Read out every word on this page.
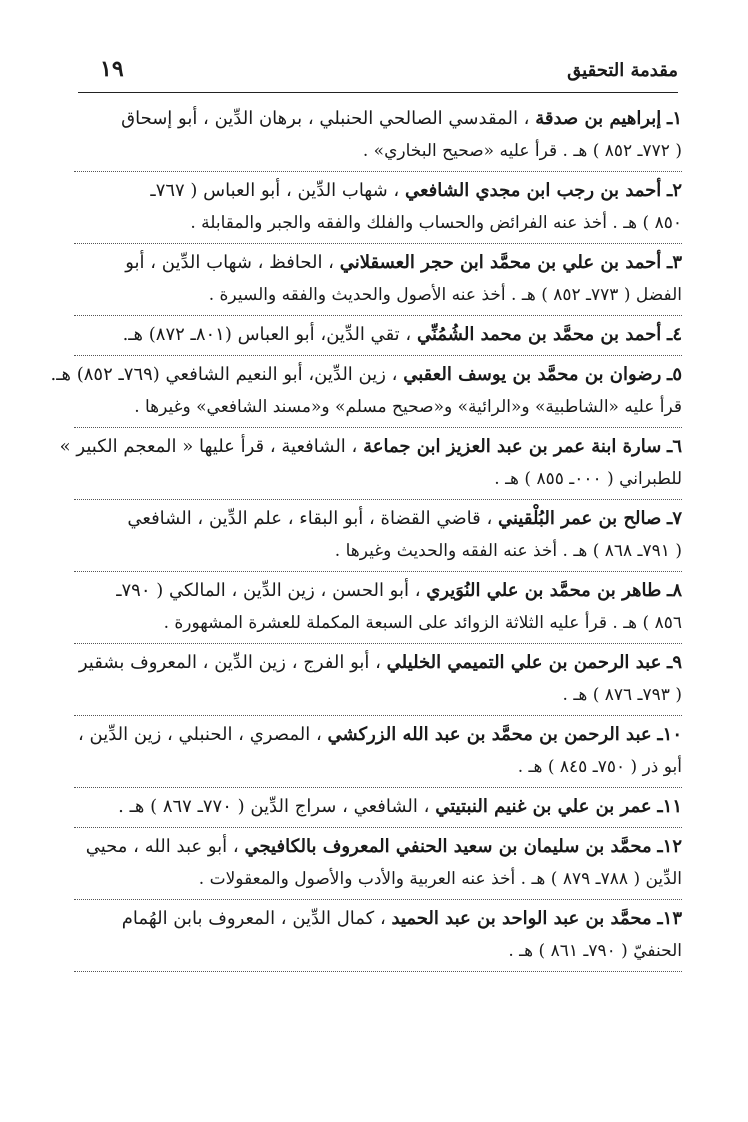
مقدمة التحقيق
١٩
١ـ إبراهيم بن صدقة ، المقدسي الصالحي الحنبلي ، برهان الدِّين ، أبو إسحاق
( ٧٧٢ـ ٨٥٢ ) هـ . قرأ عليه «صحيح البخاري» .
٢ـ أحمد بن رجب ابن مجدي الشافعي ، شهاب الدِّين ، أبو العباس ( ٧٦٧ـ
٨٥٠ ) هـ . أخذ عنه الفرائض والحساب والفلك والفقه والجبر والمقابلة .
٣ـ أحمد بن علي بن محمَّد ابن حجر العسقلاني ، الحافظ ، شهاب الدِّين ، أبو
الفضل ( ٧٧٣ـ ٨٥٢ ) هـ . أخذ عنه الأصول والحديث والفقه والسيرة .
٤ـ أحمد بن محمَّد بن محمد الشُمُنِّي ، تقي الدِّين، أبو العباس (٨٠١ـ ٨٧٢) هـ.
٥ـ رضوان بن محمَّد بن يوسف العقبي ، زين الدِّين، أبو النعيم الشافعي (٧٦٩ـ ٨٥٢) هـ.
قرأ عليه «الشاطبية» و«الرائية» و«صحيح مسلم» و«مسند الشافعي» وغيرها .
٦ـ سارة ابنة عمر بن عبد العزيز ابن جماعة ، الشافعية ، قرأ عليها « المعجم الكبير »
للطبراني ( ٠٠٠ـ ٨٥٥ ) هـ .
٧ـ صالح بن عمر البُلْقيني ، قاضي القضاة ، أبو البقاء ، علم الدِّين ، الشافعي
( ٧٩١ـ ٨٦٨ ) هـ . أخذ عنه الفقه والحديث وغيرها .
٨ـ طاهر بن محمَّد بن علي النُوَيري ، أبو الحسن ، زين الدِّين ، المالكي ( ٧٩٠ـ
٨٥٦ ) هـ . قرأ عليه الثلاثة الزوائد على السبعة المكملة للعشرة المشهورة .
٩ـ عبد الرحمن بن علي التميمي الخليلي ، أبو الفرج ، زين الدِّين ، المعروف بشقير
( ٧٩٣ـ ٨٧٦ ) هـ .
١٠ـ عبد الرحمن بن محمَّد بن عبد الله الزركشي ، المصري ، الحنبلي ، زين الدِّين ،
أبو ذر ( ٧٥٠ـ ٨٤٥ ) هـ .
١١ـ عمر بن علي بن غنيم النبتيتي ، الشافعي ، سراج الدِّين ( ٧٧٠ـ ٨٦٧ ) هـ .
١٢ـ محمَّد بن سليمان بن سعيد الحنفي المعروف بالكافيجي ، أبو عبد الله ، محيي
الدِّين ( ٧٨٨ـ ٨٧٩ ) هـ . أخذ عنه العربية والأدب والأصول والمعقولات .
١٣ـ محمَّد بن عبد الواحد بن عبد الحميد ، كمال الدِّين ، المعروف بابن الهُمام
الحنفيّ ( ٧٩٠ـ ٨٦١ ) هـ .
